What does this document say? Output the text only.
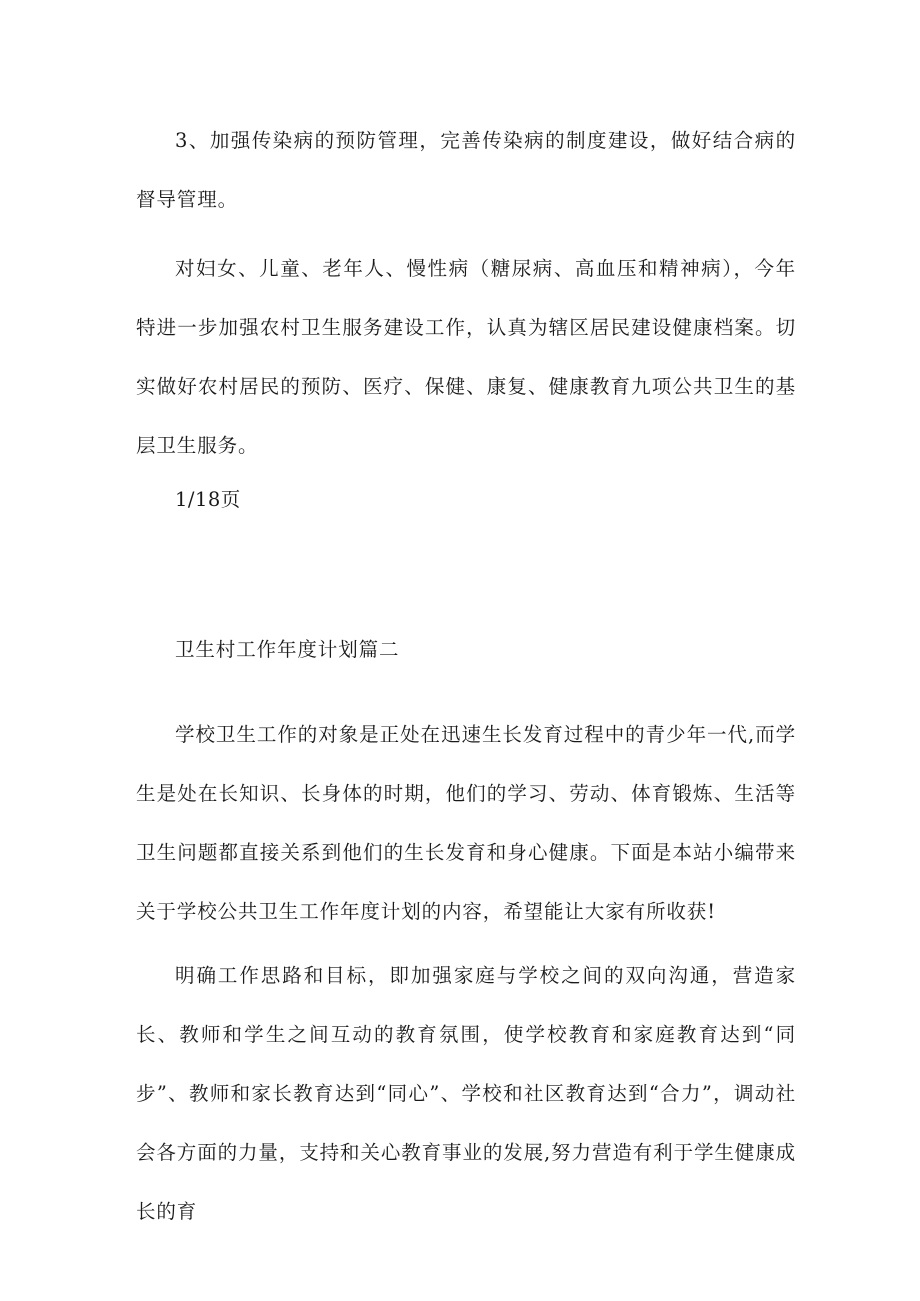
3、加强传染病的预防管理，完善传染病的制度建设，做好结合病的督导管理。

对妇女、儿童、老年人、慢性病（糖尿病、高血压和精神病），今年特进一步加强农村卫生服务建设工作，认真为辖区居民建设健康档案。切实做好农村居民的预防、医疗、保健、康复、健康教育九项公共卫生的基层卫生服务。

1/18页
卫生村工作年度计划篇二

学校卫生工作的对象是正处在迅速生长发育过程中的青少年一代,而学生是处在长知识、长身体的时期，他们的学习、劳动、体育锻炼、生活等卫生问题都直接关系到他们的生长发育和身心健康。下面是本站小编带来关于学校公共卫生工作年度计划的内容，希望能让大家有所收获!

明确工作思路和目标，即加强家庭与学校之间的双向沟通，营造家长、教师和学生之间互动的教育氛围，使学校教育和家庭教育达到“同步”、教师和家长教育达到“同心”、学校和社区教育达到“合力”，调动社会各方面的力量，支持和关心教育事业的发展,努力营造有利于学生健康成长的育
